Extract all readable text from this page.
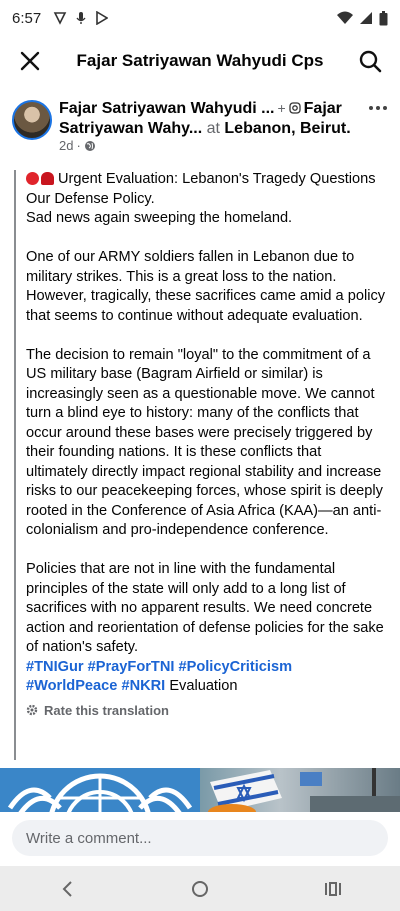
6:57
Fajar Satriyawan Wahyudi Cps
Fajar Satriyawan Wahyudi ... + Fajar
Satriyawan Wahy... at Lebanon, Beirut.
2d ·
Urgent Evaluation: Lebanon's Tragedy Questions Our Defense Policy.
Sad news again sweeping the homeland.
One of our ARMY soldiers fallen in Lebanon due to military strikes. This is a great loss to the nation. However, tragically, these sacrifices came amid a policy that seems to continue without adequate evaluation.
The decision to remain "loyal" to the commitment of a US military base (Bagram Airfield or similar) is increasingly seen as a questionable move. We cannot turn a blind eye to history: many of the conflicts that occur around these bases were precisely triggered by their founding nations. It is these conflicts that ultimately directly impact regional stability and increase risks to our peacekeeping forces, whose spirit is deeply rooted in the Conference of Asia Africa (KAA)—an anti-colonialism and pro-independence conference.
Policies that are not in line with the fundamental principles of the state will only add to a long list of sacrifices with no apparent results. We need concrete action and reorientation of defense policies for the sake of nation's safety.
#TNIGur #PrayForTNI #PolicyCriticism #WorldPeace #NKRI Evaluation
Rate this translation
Write a comment...
